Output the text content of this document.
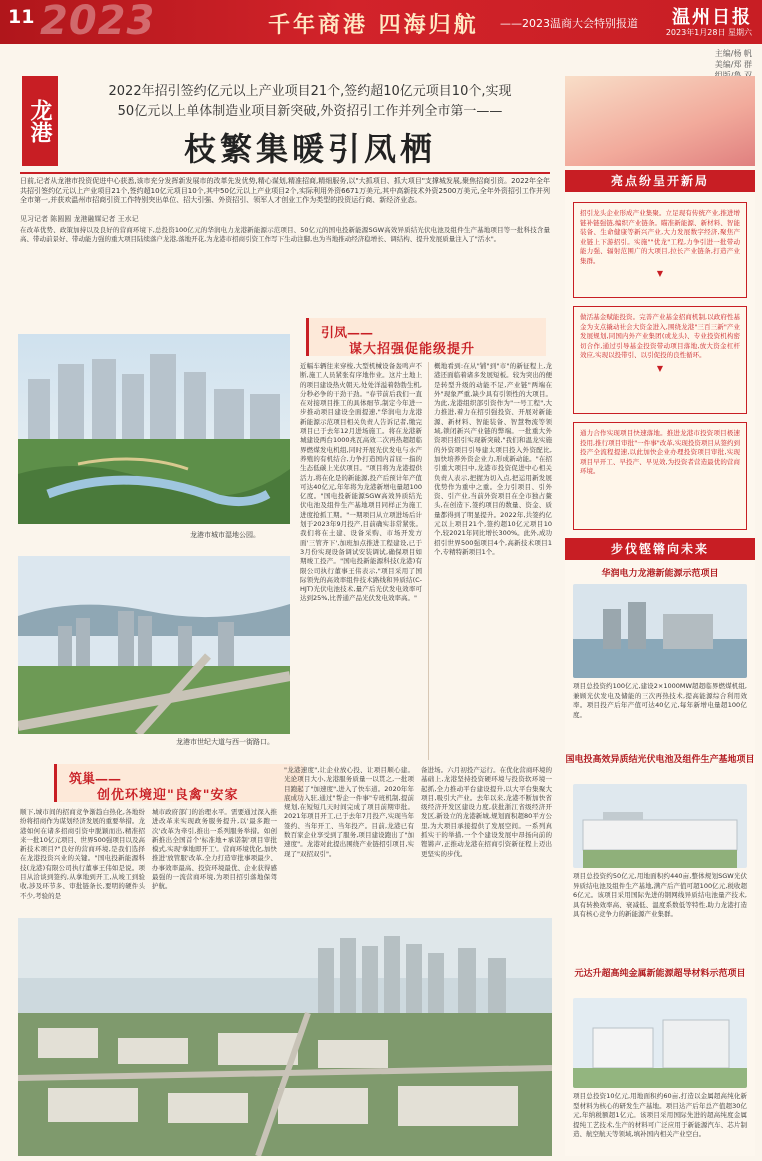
2023
11	千年商港 四海归航 ——2023温商大会特别报道 温州日报
2023年1月28日 星期六
主编/杨 帆
美编/郑 群
龙港
2022年招引签约亿元以上产业项目21个,签约超10亿元项目10个,实现
50亿元以上单体制造业项目新突破,外资招引工作并列全市第一——
枝繁集暖引凤栖
日前,记者从龙港市投资促进中心获悉,该市充分发挥新发展市的改革先发优势,精心谋划,精准招商,精细服务,以"大抓项目、抓大项目"支撑城发展,聚焦招商引资。2022年全年共招引签约亿元以上产业项目21个,签约超10亿元项目10个,其中50亿元以上产业项目2个,实际利用外资6671万美元,其中高新技术外资2500万美元,全年外资招引工作并列全市第一,并获欢温州市招商引资工作特别突出单位、招大引强、外资招引、领军人才创业工作为类型的投资运行商、新经济业态。
见习记者 陈圆圆 龙港融媒记者 王水记
在改革优势、政策加持以及良好的营商环境下,总投资100亿元的华润电力龙港新能源示范项目、50亿元的国电投新能源SGW高效异质结光伏电池及组件生产基地项目等一批科技含量高、带动前景好、带动能力强的重大项目陆续落户龙港,落地开花,为龙港市招商引资工作写下生动注脚,也为当地推动经济稳增长、调结构、提升发展质量注入了"活水"。
龙港市城市湿地公园。
龙港市世纪大道与西一街路口。
引凤——
谋大招强促能级提升
近幅车辆往来穿梭,大型机械设备轰鸣声不断,施工人员紧张有序地作业。这片土地上的项目建设热火朝天,处处洋溢着勃勃生机,分秒必争的干劲干劲。"春节前后我们一直在对接项目推工的具体细节,制定今年进一步推动项目建设全面提速,"华润电力龙港新能源示范项目相关负责人告诉记者,缴完项目已于去年12月进场施工。将在龙港新城建设两台1000兆瓦高效二次再热超超临界燃煤发电机组,同时开展光伏发电与水产养殖的有机结合,力争打造国内首屈一指的生态低碳上光伏项目。"项目将为龙港提供活力,将在化是的新能源,投产后预计年产值可达40亿元,年年将为龙港新增电量超100亿度。"国电投新能源SGW高效异质结光伏电池及组件生产基地项目同样正为施工进度抢抓工期。"一期项目从立项进场后计划于2023年9月投产,目前确实非常紧张。我们将在土建、设备采购、市场开发方面'三管齐下',加班加点推进工程建设,已于3月份实现设备调试安装调试,确保项目如期竣工投产。"国电投新能源科技(龙港)有限公司执行董事王伟表示,"项目采用了国际领先的高效率组件技术路线和异质结(C-HJT)光伏电池技术,量产后光伏发电效率可达到25%,比普通产品光伏发电效率高。"
概地看到:在从"铺"到"市"的新征程上,龙港还面临着诸多发展短板。较为突出的便是转型升级的动能不足,产业链"两端在外"现象严重,缺少具有引领性的大项目。为此,龙港组织部引资作为"一号工程",大力推进,着力在招引强投资、开展对新能源、新材料、智能装备、智慧物流等领域,锁闭新兴产业链的弊端。一批重大外资项目招引实现新突破,"我们和温龙实施的外资项目引导建太项目投入外资配比,加快培养外资企业力,形成新动能。"在招引重大项目中,龙港市投资促进中心相关负责人表示,把握为切入点,把运用新发展优势作为重中之重。全力引项目、引外资、引产业,当前外资项目在全市独占鳌头,在创造下,签约项目的数量、资金、质量都得到了明显提升。2022年,共签约亿元以上项目21个,签约超10亿元项目10个,较2021年同比增长300%。此外,成功招引世界500强项目4个,高新技术项目1个,专精特新项目1个。
筑巢——
创优环境迎"良禽"安家
顺下,城市间的招商竞争渐趋白热化,各地纷纷将招商作为谋划经济发展的重要举措。龙港如何在诸多招商引资中脱颖而出,精准招来一批10亿元项目、世界500强项目以及高新技术项目?"良好的营商环境,是我们选择在龙港投资兴业的关键。"国电投新能源科技(龙港)有限公司执行董事王伟如是说。项目从洽谈到签约,从拿地到开工,从竣工到验收,涉及环节多、审批链条长,要明的硬件头不少,考验的是
城市政府部门的治理水平。需要通过深入推进改革来实现政务服务提升,以'最多跑一次'改革为牵引,推出一系列服务举措。如创新推出全国首个'标准地+承诺制'项目审批模式,实现'拿地即开工'。营商环境优化,加快推进'放管服'改革,全力打造审批事项最少、办事效率最高、投资环境最优、企业获得感最强的一流营商环境,为项目招引落地保驾护航。
"龙港速度",让企业放心投、让项目顺心建。光论项目大小,龙港服务质量一以贯之,一批项目跑起了"加速度",进入了快车道。2020年年底成功入驻,通过"帮企一件事"专班机制,提前规划,在短短几天时间完成了项目前期审批。2021年项目开工,已于去年7月投产,实现当年签约、当年开工、当年投产。目前,龙港已有数百家企业享受到了服务,项目建设跑出了"加速度"。龙港对此提出围绕产业链招引项目,实现了"双招双引"。
备进场。六月初投产运行。在优化营商环境的基础上,龙港坚持投资硬环境与投资软环境一起抓,全力推动平台建设提升,以大平台集聚大项目,吸引大产业。去年以来,龙港不断加快省级经济开发区建设力度,获批浙江省级经济开发区,新设立的龙港新城,规划面积超80平方公里,为大项目承接提供了发展空间。一系列真抓实干的举措,一个个建设发展中昂扬向前的铿锵声,正推动龙港在招商引资新征程上迈出更坚实的步伐。
亮点纷呈开新局
招引龙头企业形成产业集聚。立足现有传统产业,推进增链补链强链,编织产业链条。瞄准新能源、新材料、智能装备、生命健康等新兴产业,大力发展数字经济,聚焦产业链上下游招引。实施""优龙"工程,力争引进一批带动能力强、辐射范围广的大项目,拉长产业链条,打造产业集群。
▼
做活基金赋能投资。完善产业基金招商机制,以政府性基金为支点撬动社会大资金进入,围绕龙港"三百三新"产业发展规划,同国内外产业集团(或龙头)、专业投资机构密切合作,通过引导基金投资带动项目落地,放大资金杠杆效应,实现以投带引、以引促投的良性循环。
▼
通力合作实现项目快速落地。推进龙港市投资项目极速投用,推行项目审批"一件事"改革,实现投资项目从签约到投产全流程提速,以此加快企业办理投资项目审批,实现项目早开工、早投产、早见效,为投资者营造最优的营商环境。
步伐铿锵向未来
华润电力龙港新能源示范项目
项目总投资约100亿元,建设2×1000MW超超临界燃煤机组,兼顾光伏发电及储能的三次再热技术,提高能源综合利用效率。项目投产后年产值可达40亿元,每年新增电量超100亿度。
国电投高效异质结光伏电池及组件生产基地项目
项目总投资约50亿元,用地面积约440亩,整体规划SGW光伏异质结电池及组件生产基地,满产后产值可超100亿元,税收超6亿元。该项目采用国际先进的钢网线异质结电池量产技术,具有转换效率高、衰减低、温度系数低等特性,助力龙港打造具有核心竞争力的新能源产业集群。
元达升超高纯金属新能源超导材料示范项目
项目总投资10亿元,用地面积约60亩,打造以金属超高纯化新型材料为核心的研发生产基地。项目达产后年总产值超30亿元,年纳税额超1亿元。该项目采用国际先进的超高纯度金属提纯工艺技术,生产的材料可广泛应用于新能源汽车、芯片制造、航空航天等领域,填补国内相关产业空白。
